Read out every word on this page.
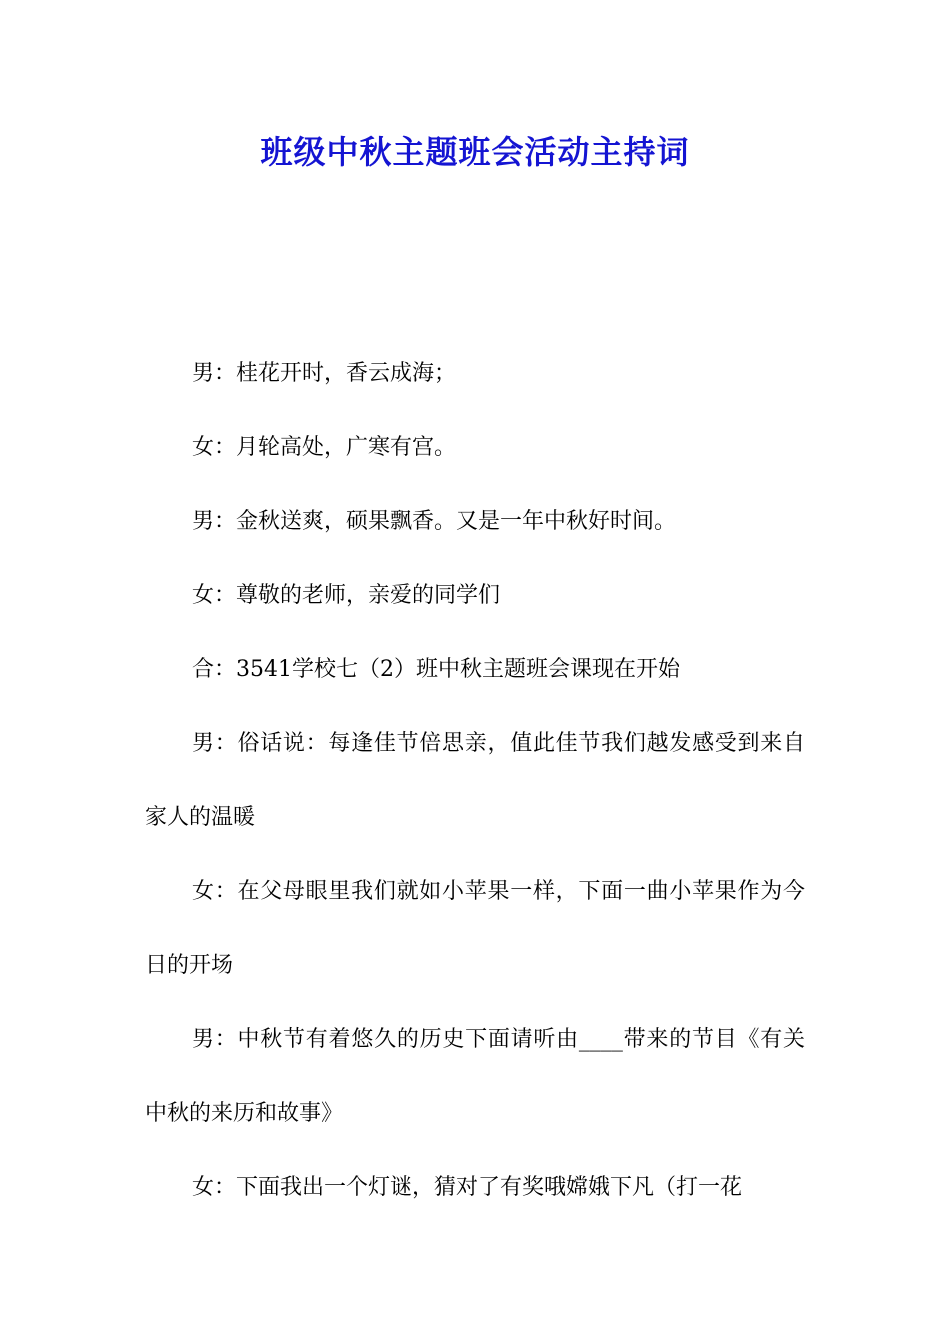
班级中秋主题班会活动主持词

男：桂花开时，香云成海；

女：月轮高处，广寒有宫。

男：金秋送爽，硕果飘香。又是一年中秋好时间。

女：尊敬的老师，亲爱的同学们

合：3541学校七（2）班中秋主题班会课现在开始

男：俗话说：每逢佳节倍思亲，值此佳节我们越发感受到来自家人的温暖

女：在父母眼里我们就如小苹果一样，下面一曲小苹果作为今日的开场

男：中秋节有着悠久的历史下面请听由____带来的节目《有关中秋的来历和故事》

女：下面我出一个灯谜，猜对了有奖哦嫦娥下凡（打一花
